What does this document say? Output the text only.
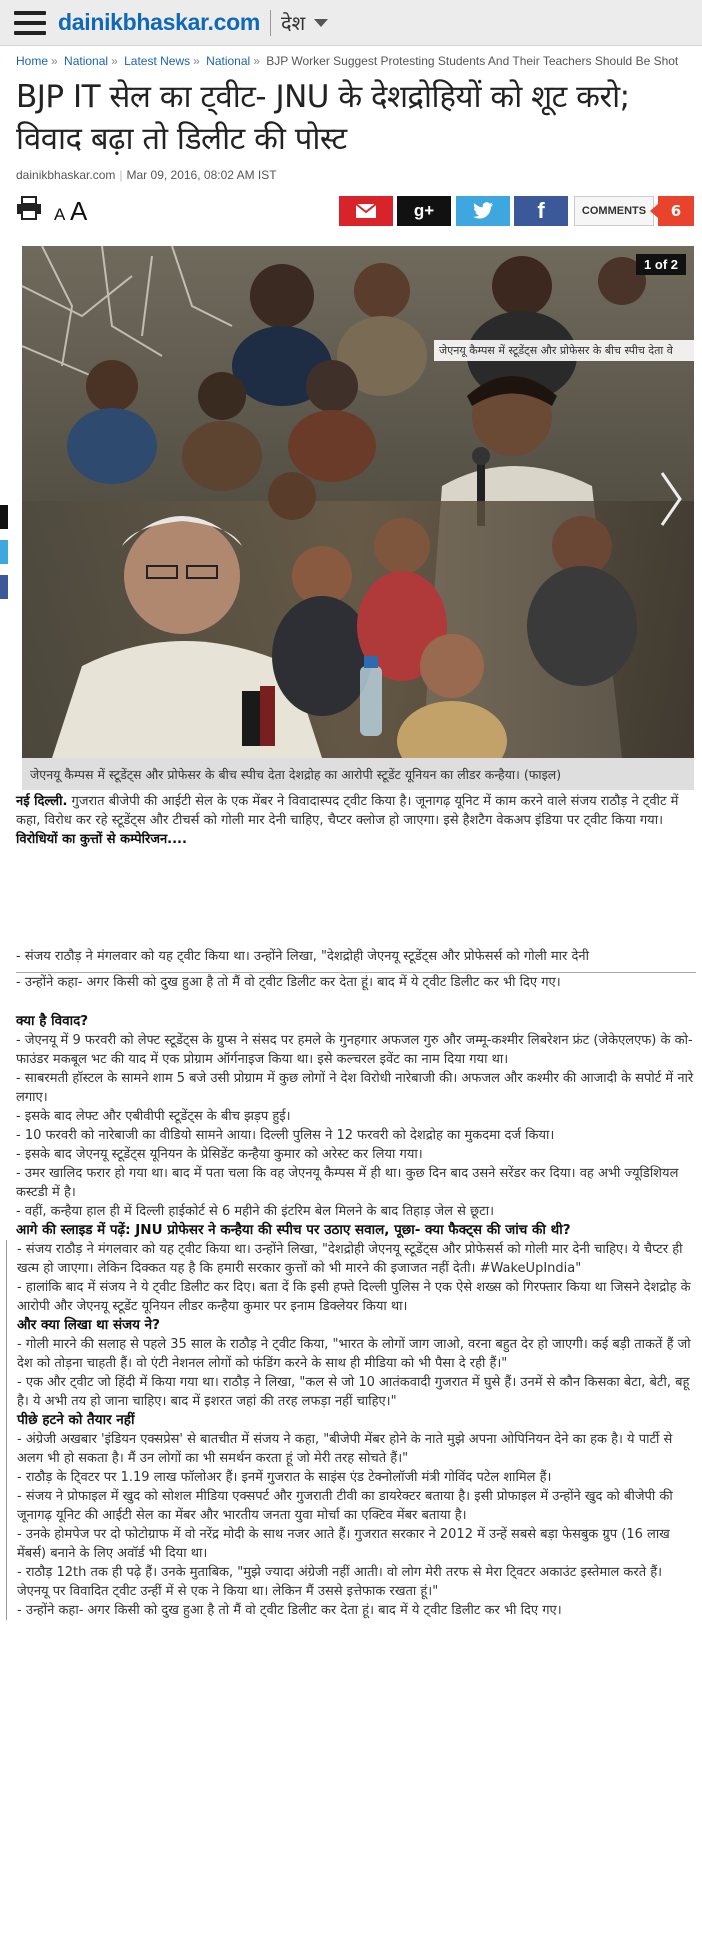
dainikbhaskar.com देश
Home » National » Latest News » National » BJP Worker Suggest Protesting Students And Their Teachers Should Be Shot
BJP IT सेल का ट्वीट- JNU के देशद्रोहियों को शूट करो; विवाद बढ़ा तो डिलीट की पोस्ट
dainikbhaskar.com | Mar 09, 2016, 08:02 AM IST
A A	g+	f	COMMENTS	6
1 of 2
जेएनयू कैम्पस में स्टूडेंट्स और प्रोफेसर के बीच स्पीच देता वे
जेएनयू कैम्पस में स्टूडेंट्स और प्रोफेसर के बीच स्पीच देता देशद्रोह का आरोपी स्टूडेंट यूनियन का लीडर कन्हैया। (फाइल)

नई दिल्ली. गुजरात बीजेपी की आईटी सेल के एक मेंबर ने विवादास्पद ट्वीट किया है। जूनागढ़ यूनिट में काम करने वाले संजय राठौड़ ने ट्वीट में कहा, विरोध कर रहे स्टूडेंट्स और टीचर्स को गोली मार देनी चाहिए, चैप्टर क्लोज हो जाएगा। इसे हैशटैग वेकअप इंडिया पर ट्वीट किया गया। विरोधियों का कुत्तों से कम्पेरिजन....

- संजय राठौड़ ने मंगलवार को यह ट्वीट किया था। उन्होंने लिखा, "देशद्रोही जेएनयू स्टूडेंट्स और प्रोफेसर्स को गोली मार देनी

- उन्होंने कहा- अगर किसी को दुख हुआ है तो मैं वो ट्वीट डिलीट कर देता हूं। बाद में ये ट्वीट डिलीट कर भी दिए गए।

क्या है विवाद?

- जेएनयू में 9 फरवरी को लेफ्ट स्टूडेंट्स के ग्रुप्स ने संसद पर हमले के गुनहगार अफजल गुरु और जम्मू-कश्मीर लिबरेशन फ्रंट (जेकेएलएफ) के को-फाउंडर मकबूल भट की याद में एक प्रोग्राम ऑर्गनाइज किया था। इसे कल्चरल इवेंट का नाम दिया गया था।

- साबरमती हॉस्टल के सामने शाम 5 बजे उसी प्रोग्राम में कुछ लोगों ने देश विरोधी नारेबाजी की। अफजल और कश्मीर की आजादी के सपोर्ट में नारे लगाए।

- इसके बाद लेफ्ट और एबीवीपी स्टूडेंट्स के बीच झड़प हुई।

- 10 फरवरी को नारेबाजी का वीडियो सामने आया। दिल्ली पुलिस ने 12 फरवरी को देशद्रोह का मुकदमा दर्ज किया।

- इसके बाद जेएनयू स्टूडेंट्स यूनियन के प्रेसिडेंट कन्हैया कुमार को अरेस्ट कर लिया गया।

- उमर खालिद फरार हो गया था। बाद में पता चला कि वह जेएनयू कैम्पस में ही था। कुछ दिन बाद उसने सरेंडर कर दिया। वह अभी ज्यूडिशियल कस्टडी में है।

- वहीं, कन्हैया हाल ही में दिल्ली हाईकोर्ट से 6 महीने की इंटरिम बेल मिलने के बाद तिहाड़ जेल से छूटा।

आगे की स्लाइड में पढ़ें: JNU प्रोफेसर ने कन्हैया की स्पीच पर उठाए सवाल, पूछा- क्या फैक्ट्स की जांच की थी?

- संजय राठौड़ ने मंगलवार को यह ट्वीट किया था। उन्होंने लिखा, "देशद्रोही जेएनयू स्टूडेंट्स और प्रोफेसर्स को गोली मार देनी चाहिए। ये चैप्टर ही खत्म हो जाएगा। लेकिन दिक्कत यह है कि हमारी सरकार कुत्तों को भी मारने की इजाजत नहीं देती। #WakeUpIndia"

- हालांकि बाद में संजय ने ये ट्वीट डिलीट कर दिए। बता दें कि इसी हफ्ते दिल्ली पुलिस ने एक ऐसे शख्स को गिरफ्तार किया था जिसने देशद्रोह के आरोपी और जेएनयू स्टूडेंट यूनियन लीडर कन्हैया कुमार पर इनाम डिक्लेयर किया था।

और क्या लिखा था संजय ने?

- गोली मारने की सलाह से पहले 35 साल के राठौड़ ने ट्वीट किया, "भारत के लोगों जाग जाओ, वरना बहुत देर हो जाएगी। कई बड़ी ताकतें हैं जो देश को तोड़ना चाहती हैं। वो एंटी नेशनल लोगों को फंडिंग करने के साथ ही मीडिया को भी पैसा दे रही हैं।"

- एक और ट्वीट जो हिंदी में किया गया था। राठौड़ ने लिखा, "कल से जो 10 आतंकवादी गुजरात में घुसे हैं। उनमें से कौन किसका बेटा, बेटी, बहू है। ये अभी तय हो जाना चाहिए। बाद में इशरत जहां की तरह लफड़ा नहीं चाहिए।"

पीछे हटने को तैयार नहीं

- अंग्रेजी अखबार 'इंडियन एक्सप्रेस' से बातचीत में संजय ने कहा, "बीजेपी मेंबर होने के नाते मुझे अपना ओपिनियन देने का हक है। ये पार्टी से अलग भी हो सकता है। मैं उन लोगों का भी समर्थन करता हूं जो मेरी तरह सोचते हैं।"

- राठौड़ के टि्वटर पर 1.19 लाख फॉलोअर हैं। इनमें गुजरात के साइंस एंड टेक्नोलॉजी मंत्री गोविंद पटेल शामिल हैं।

- संजय ने प्रोफाइल में खुद को सोशल मीडिया एक्सपर्ट और गुजराती टीवी का डायरेक्टर बताया है। इसी प्रोफाइल में उन्होंने खुद को बीजेपी की जूनागढ़ यूनिट की आईटी सेल का मेंबर और भारतीय जनता युवा मोर्चा का एक्टिव मेंबर बताया है।

- उनके होमपेज पर दो फोटोग्राफ में वो नरेंद्र मोदी के साथ नजर आते हैं। गुजरात सरकार ने 2012 में उन्हें सबसे बड़ा फेसबुक ग्रुप (16 लाख मेंबर्स) बनाने के लिए अवॉर्ड भी दिया था।

- राठौड़ 12th तक ही पढ़े हैं। उनके मुताबिक, "मुझे ज्यादा अंग्रेजी नहीं आती। वो लोग मेरी तरफ से मेरा टि्वटर अकाउंट इस्तेमाल करते हैं। जेएनयू पर विवादित ट्वीट उन्हीं में से एक ने किया था। लेकिन मैं उससे इत्तेफाक रखता हूं।"

- उन्होंने कहा- अगर किसी को दुख हुआ है तो मैं वो ट्वीट डिलीट कर देता हूं। बाद में ये ट्वीट डिलीट कर भी दिए गए।
